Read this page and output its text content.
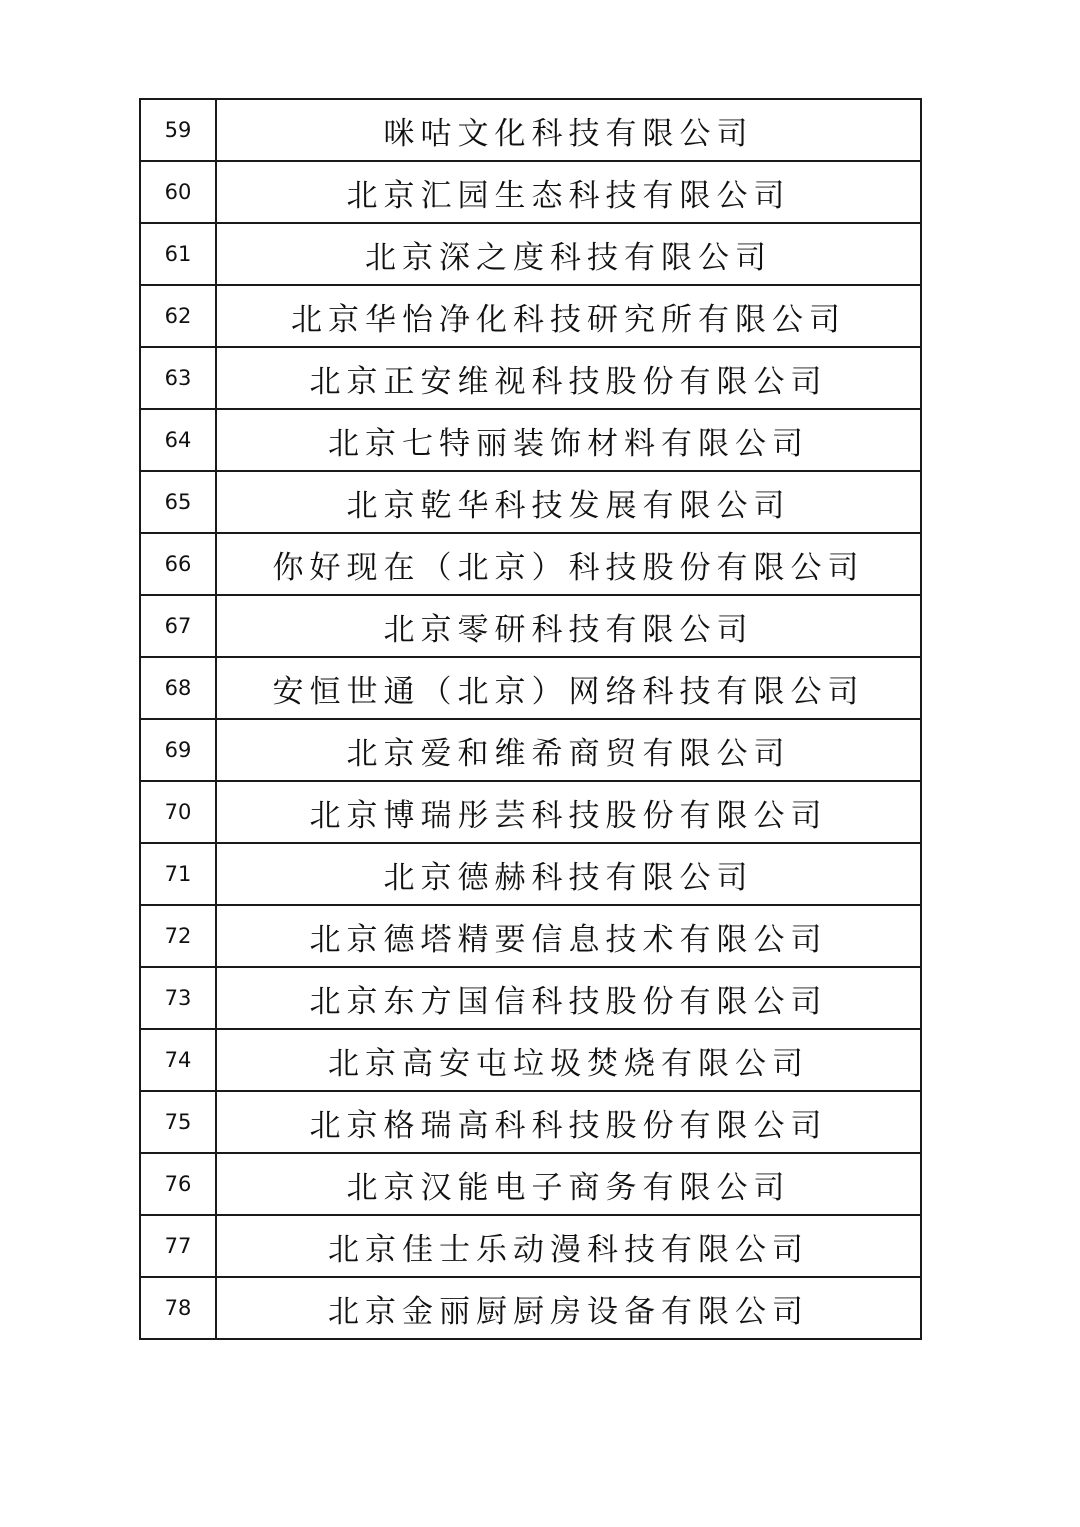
59	咪咕文化科技有限公司
60	北京汇园生态科技有限公司
61	北京深之度科技有限公司
62	北京华怡净化科技研究所有限公司
63	北京正安维视科技股份有限公司
64	北京七特丽装饰材料有限公司
65	北京乾华科技发展有限公司
66	你好现在（北京）科技股份有限公司
67	北京零研科技有限公司
68	安恒世通（北京）网络科技有限公司
69	北京爱和维希商贸有限公司
70	北京博瑞彤芸科技股份有限公司
71	北京德赫科技有限公司
72	北京德塔精要信息技术有限公司
73	北京东方国信科技股份有限公司
74	北京高安屯垃圾焚烧有限公司
75	北京格瑞高科科技股份有限公司
76	北京汉能电子商务有限公司
77	北京佳士乐动漫科技有限公司
78	北京金丽厨厨房设备有限公司
